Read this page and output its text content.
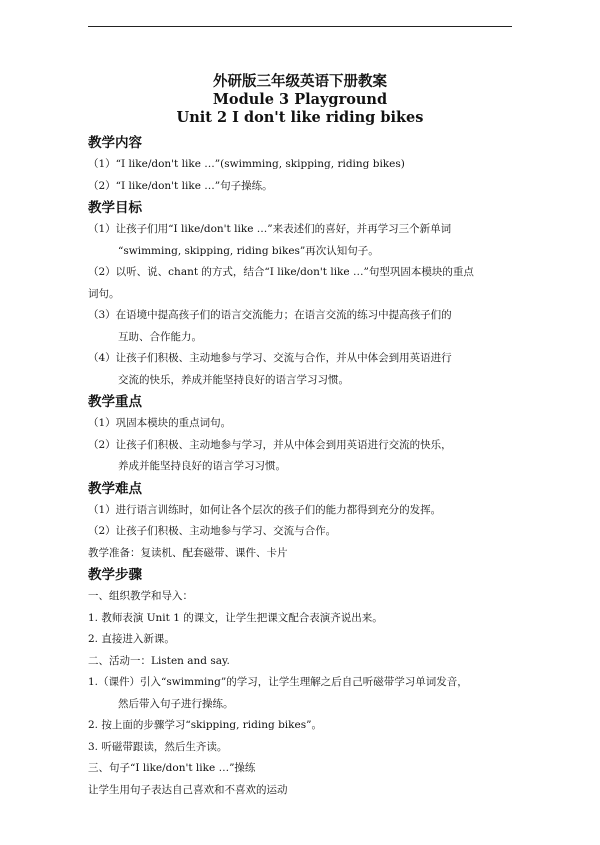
外研版三年级英语下册教案

Module 3 Playground

Unit 2 I don't like riding bikes

教学内容

（1）“I like/don't like …”(swimming, skipping, riding bikes)

（2）“I like/don't like …”句子操练。

教学目标

（1）让孩子们用“I like/don't like …”来表述们的喜好，并再学习三个新单词

“swimming, skipping, riding bikes”再次认知句子。

（2）以听、说、chant 的方式，结合“I like/don't like …”句型巩固本模块的重点

词句。

（3）在语境中提高孩子们的语言交流能力；在语言交流的练习中提高孩子们的

互助、合作能力。

（4）让孩子们积极、主动地参与学习、交流与合作，并从中体会到用英语进行

交流的快乐，养成并能坚持良好的语言学习习惯。

教学重点

（1）巩固本模块的重点词句。

（2）让孩子们积极、主动地参与学习，并从中体会到用英语进行交流的快乐，

养成并能坚持良好的语言学习习惯。

教学难点

（1）进行语言训练时，如何让各个层次的孩子们的能力都得到充分的发挥。

（2）让孩子们积极、主动地参与学习、交流与合作。

教学准备：复读机、配套磁带、课件、卡片

教学步骤

一、组织教学和导入：

1. 教师表演 Unit 1 的课文，让学生把课文配合表演齐说出来。

2. 直接进入新课。

二、活动一：Listen and say.

1.（课件）引入“swimming”的学习，让学生理解之后自己听磁带学习单词发音，

然后带入句子进行操练。

2. 按上面的步骤学习“skipping, riding bikes”。

3. 听磁带跟读，然后生齐读。

三、句子“I like/don't like …”操练

让学生用句子表达自己喜欢和不喜欢的运动
